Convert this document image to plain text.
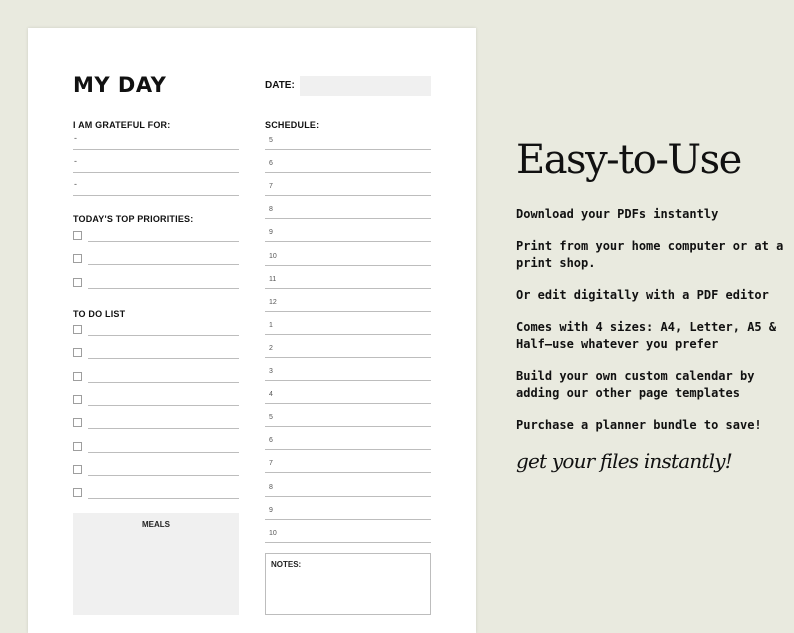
MY DAY	DATE:
I AM GRATEFUL FOR:
-
-
-
TODAY'S TOP PRIORITIES:
TO DO LIST
SCHEDULE:
5
6
7
8
9
10
11
12
1
2
3
4
5
6
7
8
9
10
MEALS
NOTES:
Easy-to-Use
Download your PDFs instantly
Print from your home computer or at a print shop.
Or edit digitally with a PDF editor
Comes with 4 sizes: A4, Letter, A5 & Half—use whatever you prefer
Build your own custom calendar by adding our other page templates
Purchase a planner bundle to save!
get your files instantly!
